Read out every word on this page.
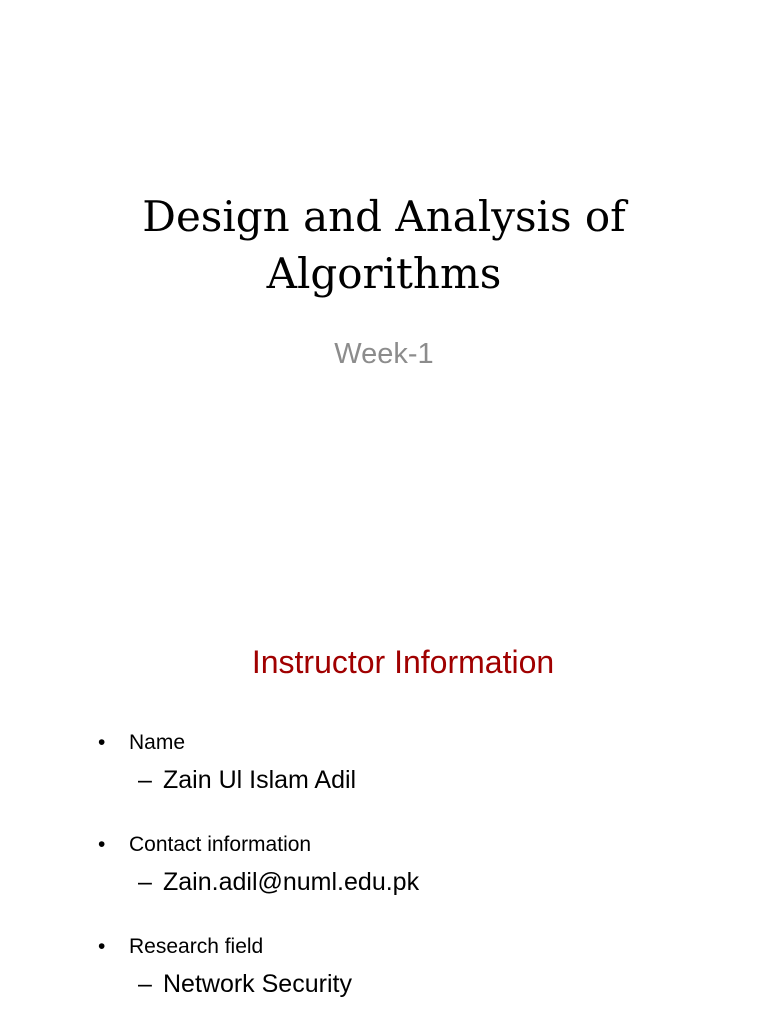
Design and Analysis of
Algorithms

Week-1

Instructor Information
• Name
– Zain Ul Islam Adil
• Contact information
– Zain.adil@numl.edu.pk
• Research field
– Network Security
